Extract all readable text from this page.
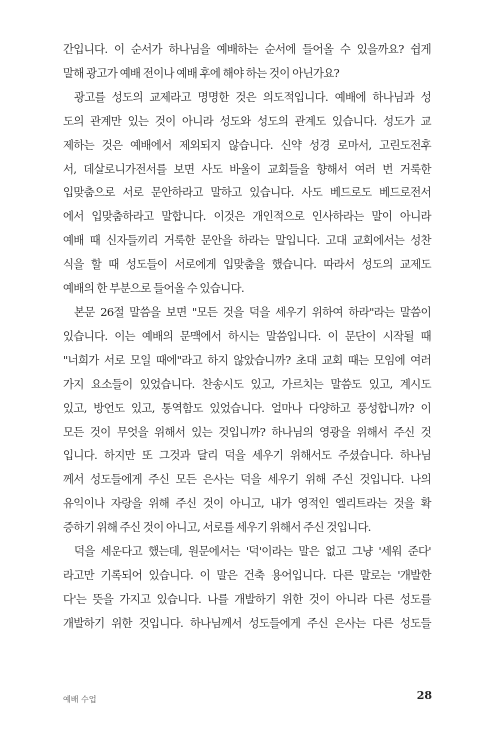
간입니다. 이 순서가 하나님을 예배하는 순서에 들어올 수 있을까요? 쉽게
말해 광고가 예배 전이나 예배 후에 해야 하는 것이 아닌가요?
광고를 성도의 교제라고 명명한 것은 의도적입니다. 예배에 하나님과 성
도의 관계만 있는 것이 아니라 성도와 성도의 관계도 있습니다. 성도가 교
제하는 것은 예배에서 제외되지 않습니다. 신약 성경 로마서, 고린도전후
서, 데살로니가전서를 보면 사도 바울이 교회들을 향해서 여러 번 거룩한
입맞춤으로 서로 문안하라고 말하고 있습니다. 사도 베드로도 베드로전서
에서 입맞춤하라고 말합니다. 이것은 개인적으로 인사하라는 말이 아니라
예배 때 신자들끼리 거룩한 문안을 하라는 말입니다. 고대 교회에서는 성찬
식을 할 때 성도들이 서로에게 입맞춤을 했습니다. 따라서 성도의 교제도
예배의 한 부분으로 들어올 수 있습니다.
본문 26절 말씀을 보면 "모든 것을 덕을 세우기 위하여 하라"라는 말씀이
있습니다. 이는 예배의 문맥에서 하시는 말씀입니다. 이 문단이 시작될 때
"너희가 서로 모일 때에"라고 하지 않았습니까? 초대 교회 때는 모임에 여러
가지 요소들이 있었습니다. 찬송시도 있고, 가르치는 말씀도 있고, 계시도
있고, 방언도 있고, 통역함도 있었습니다. 얼마나 다양하고 풍성합니까? 이
모든 것이 무엇을 위해서 있는 것입니까? 하나님의 영광을 위해서 주신 것
입니다. 하지만 또 그것과 달리 덕을 세우기 위해서도 주셨습니다. 하나님
께서 성도들에게 주신 모든 은사는 덕을 세우기 위해 주신 것입니다. 나의
유익이나 자랑을 위해 주신 것이 아니고, 내가 영적인 엘리트라는 것을 확
증하기 위해 주신 것이 아니고, 서로를 세우기 위해서 주신 것입니다.
덕을 세운다고 했는데, 원문에서는 '덕'이라는 말은 없고 그냥 '세워 준다'
라고만 기록되어 있습니다. 이 말은 건축 용어입니다. 다른 말로는 '개발한
다'는 뜻을 가지고 있습니다. 나를 개발하기 위한 것이 아니라 다른 성도를
개발하기 위한 것입니다. 하나님께서 성도들에게 주신 은사는 다른 성도들
예배 수업	28
